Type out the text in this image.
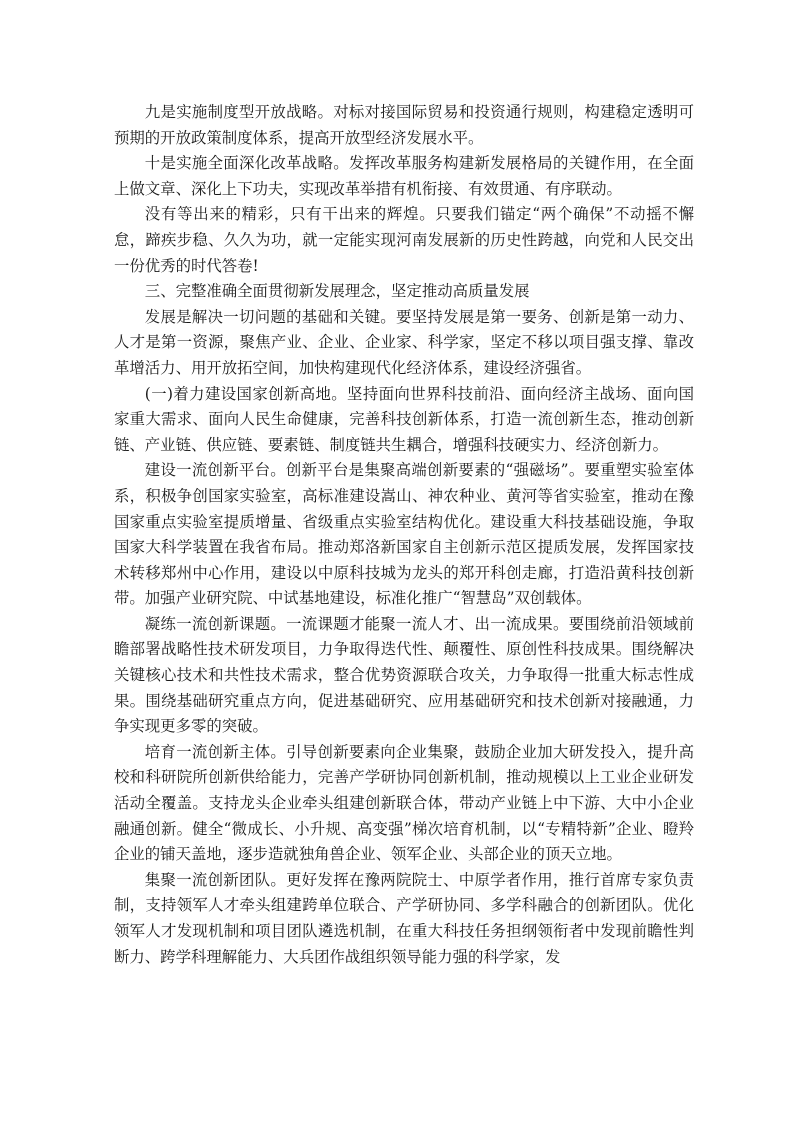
九是实施制度型开放战略。对标对接国际贸易和投资通行规则，构建稳定透明可预期的开放政策制度体系，提高开放型经济发展水平。

十是实施全面深化改革战略。发挥改革服务构建新发展格局的关键作用，在全面上做文章、深化上下功夫，实现改革举措有机衔接、有效贯通、有序联动。

没有等出来的精彩，只有干出来的辉煌。只要我们锚定“两个确保”不动摇不懈怠，蹄疾步稳、久久为功，就一定能实现河南发展新的历史性跨越，向党和人民交出一份优秀的时代答卷!

三、完整准确全面贯彻新发展理念，坚定推动高质量发展

发展是解决一切问题的基础和关键。要坚持发展是第一要务、创新是第一动力、人才是第一资源，聚焦产业、企业、企业家、科学家，坚定不移以项目强支撑、靠改革增活力、用开放拓空间，加快构建现代化经济体系，建设经济强省。

(一)着力建设国家创新高地。坚持面向世界科技前沿、面向经济主战场、面向国家重大需求、面向人民生命健康，完善科技创新体系，打造一流创新生态，推动创新链、产业链、供应链、要素链、制度链共生耦合，增强科技硬实力、经济创新力。

建设一流创新平台。创新平台是集聚高端创新要素的“强磁场”。要重塑实验室体系，积极争创国家实验室，高标准建设嵩山、神农种业、黄河等省实验室，推动在豫国家重点实验室提质增量、省级重点实验室结构优化。建设重大科技基础设施，争取国家大科学装置在我省布局。推动郑洛新国家自主创新示范区提质发展，发挥国家技术转移郑州中心作用，建设以中原科技城为龙头的郑开科创走廊，打造沿黄科技创新带。加强产业研究院、中试基地建设，标准化推广“智慧岛”双创载体。

凝练一流创新课题。一流课题才能聚一流人才、出一流成果。要围绕前沿领域前瞻部署战略性技术研发项目，力争取得迭代性、颠覆性、原创性科技成果。围绕解决关键核心技术和共性技术需求，整合优势资源联合攻关，力争取得一批重大标志性成果。围绕基础研究重点方向，促进基础研究、应用基础研究和技术创新对接融通，力争实现更多零的突破。

培育一流创新主体。引导创新要素向企业集聚，鼓励企业加大研发投入，提升高校和科研院所创新供给能力，完善产学研协同创新机制，推动规模以上工业企业研发活动全覆盖。支持龙头企业牵头组建创新联合体，带动产业链上中下游、大中小企业融通创新。健全“微成长、小升规、高变强”梯次培育机制，以“专精特新”企业、瞪羚企业的铺天盖地，逐步造就独角兽企业、领军企业、头部企业的顶天立地。

集聚一流创新团队。更好发挥在豫两院院士、中原学者作用，推行首席专家负责制，支持领军人才牵头组建跨单位联合、产学研协同、多学科融合的创新团队。优化领军人才发现机制和项目团队遴选机制，在重大科技任务担纲领衔者中发现前瞻性判断力、跨学科理解能力、大兵团作战组织领导能力强的科学家，发
